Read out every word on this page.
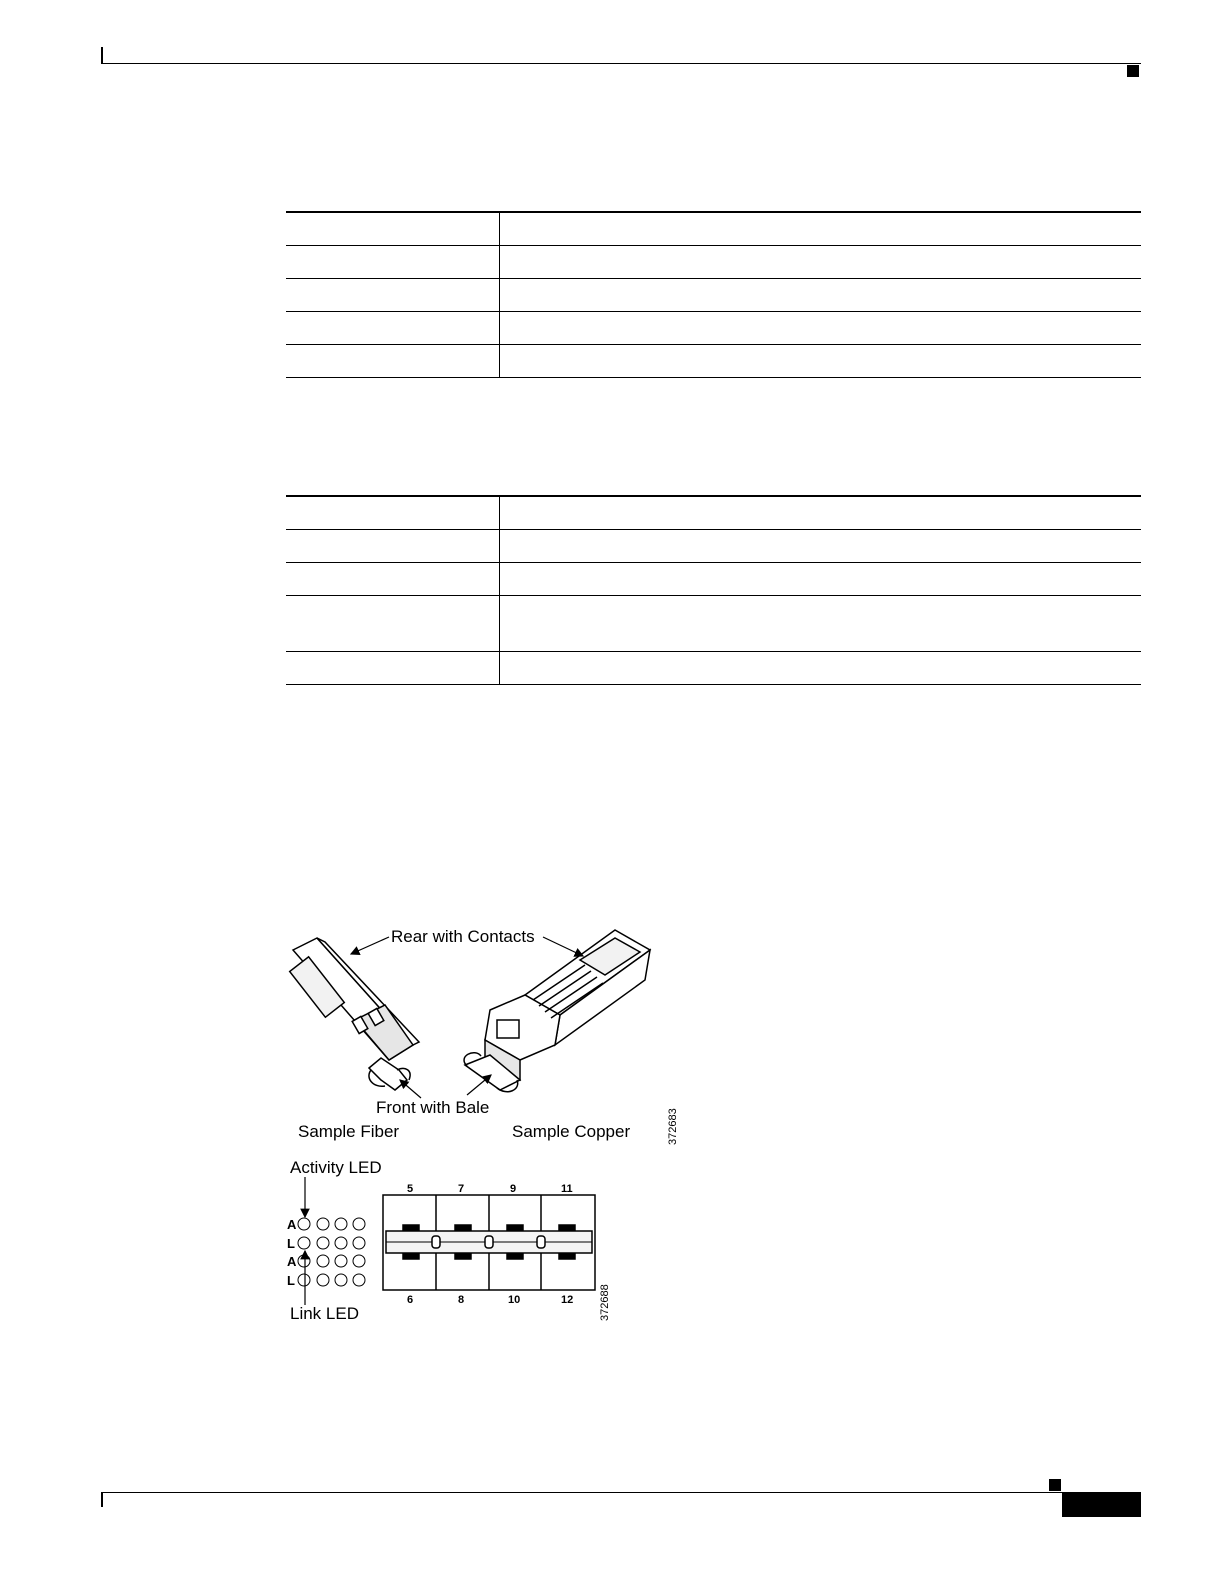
Rear with Contacts
Front with Bale
Sample Fiber	Sample Copper	372683
Activity LED
A
L
A
L
Link LED
5	7	9	11
6	8	10	12 372688
